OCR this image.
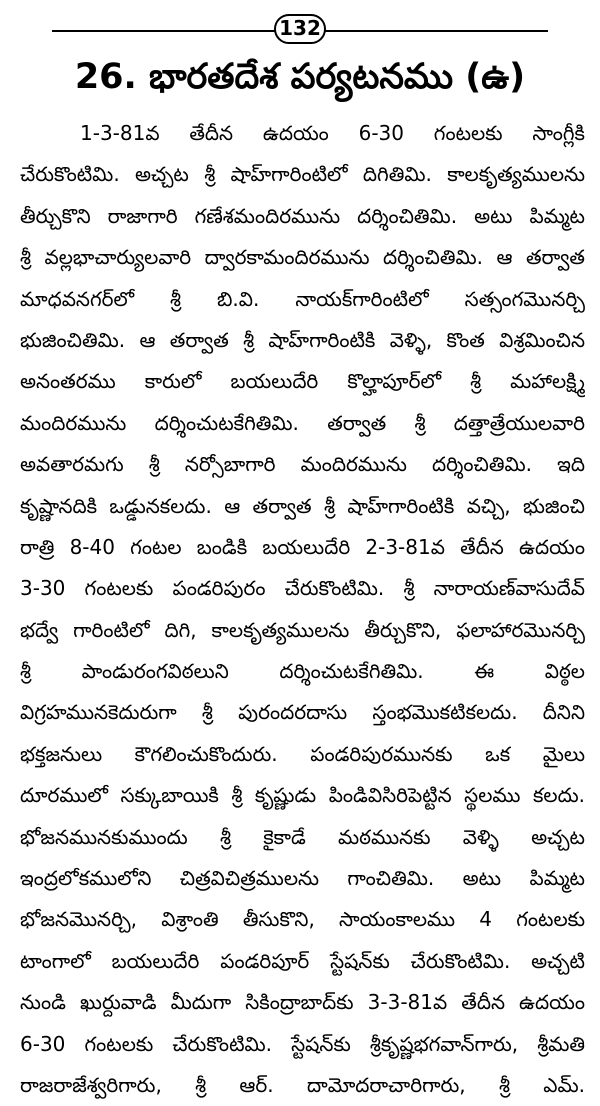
132
26. భారతదేశ పర్యటనము (ఉ)
1-3-81వ తేదీన ఉదయం 6-30 గంటలకు సాంగ్లీకి
చేరుకొంటిమి. అచ్చట శ్రీ షాహ్‌గారింటిలో దిగితిమి. కాలకృత్యములను
తీర్చుకొని రాజాగారి గణేశమందిరమును దర్శించితిమి. అటు పిమ్మట
శ్రీ వల్లభాచార్యులవారి ద్వారకామందిరమును దర్శించితిమి. ఆ తర్వాత
మాధవనగర్‌లో శ్రీ బి.వి. నాయక్‌గారింటిలో సత్సంగమొనర్చి
భుజించితిమి. ఆ తర్వాత శ్రీ షాహ్‌గారింటికి వెళ్ళి, కొంత విశ్రమించిన
అనంతరము కారులో బయలుదేరి కొల్హాపూర్‌లో శ్రీ మహాలక్ష్మి
మందిరమును దర్శించుటకేగితిమి. తర్వాత శ్రీ దత్తాత్రేయులవారి
అవతారమగు శ్రీ నర్సోబాగారి మందిరమును దర్శించితిమి. ఇది
కృష్ణానదికి ఒడ్డునకలదు. ఆ తర్వాత శ్రీ షాహ్‌గారింటికి వచ్చి, భుజించి
రాత్రి 8-40 గంటల బండికి బయలుదేరి 2-3-81వ తేదీన ఉదయం
3-30 గంటలకు పండరిపురం చేరుకొంటిమి. శ్రీ నారాయణ్‌వాసుదేవ్
భద్వే గారింటిలో దిగి, కాలకృత్యములను తీర్చుకొని, ఫలాహారమొనర్చి
శ్రీ పాండురంగవిఠలుని దర్శించుటకేగితిమి. ఈ విఠ్ఠల
విగ్రహమునకెదురుగా శ్రీ పురందరదాసు స్తంభమొకటికలదు. దీనిని
భక్తజనులు కౌగలించుకొందురు. పండరిపురమునకు ఒక మైలు
దూరములో సక్కుబాయికి శ్రీ కృష్ణుడు పిండివిసిరిపెట్టిన స్థలము కలదు.
భోజనమునకుముందు శ్రీ కైకాడే మఠమునకు వెళ్ళి అచ్చట
ఇంద్రలోకములోని చిత్రవిచిత్రములను గాంచితిమి. అటు పిమ్మట
భోజనమొనర్చి, విశ్రాంతి తీసుకొని, సాయంకాలము 4 గంటలకు
టాంగాలో బయలుదేరి పండరిపూర్ స్టేషన్‌కు చేరుకొంటిమి. అచ్చటి
నుండి ఖుర్దువాడి మీదుగా సికింద్రాబాద్‌కు 3-3-81వ తేదీన ఉదయం
6-30 గంటలకు చేరుకొంటిమి. స్టేషన్‌కు శ్రీకృష్ణభగవాన్‌గారు, శ్రీమతి
రాజరాజేశ్వరిగారు, శ్రీ ఆర్. దామోదరాచారిగారు, శ్రీ ఎమ్.
